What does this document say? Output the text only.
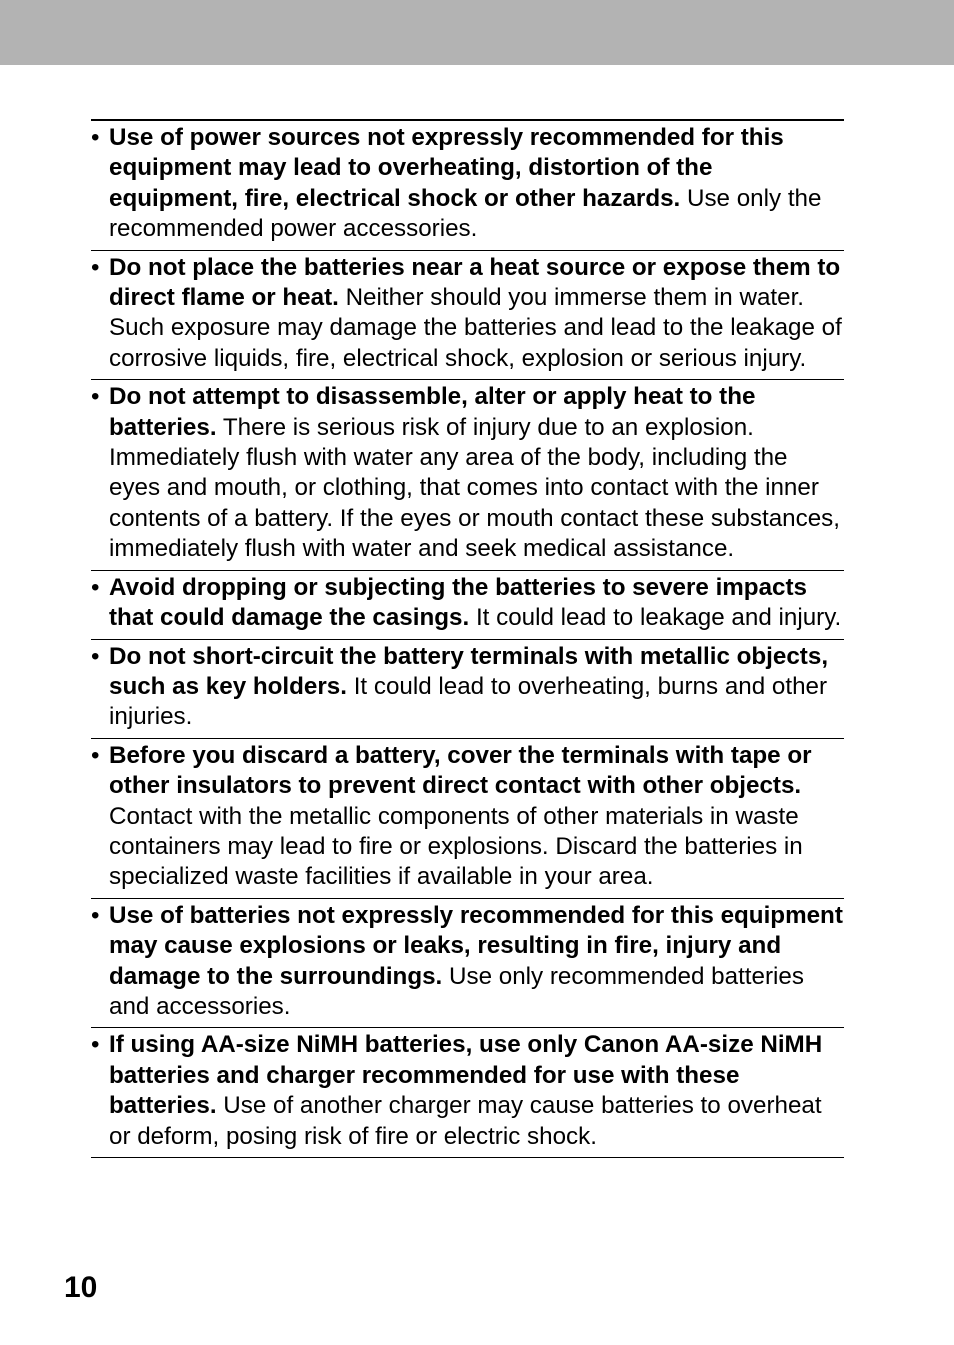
• Use of power sources not expressly recommended for this equipment may lead to overheating, distortion of the equipment, fire, electrical shock or other hazards. Use only the recommended power accessories.
• Do not place the batteries near a heat source or expose them to direct flame or heat. Neither should you immerse them in water. Such exposure may damage the batteries and lead to the leakage of corrosive liquids, fire, electrical shock, explosion or serious injury.
• Do not attempt to disassemble, alter or apply heat to the batteries. There is serious risk of injury due to an explosion. Immediately flush with water any area of the body, including the eyes and mouth, or clothing, that comes into contact with the inner contents of a battery. If the eyes or mouth contact these substances, immediately flush with water and seek medical assistance.
• Avoid dropping or subjecting the batteries to severe impacts that could damage the casings. It could lead to leakage and injury.
• Do not short-circuit the battery terminals with metallic objects, such as key holders. It could lead to overheating, burns and other injuries.
• Before you discard a battery, cover the terminals with tape or other insulators to prevent direct contact with other objects. Contact with the metallic components of other materials in waste containers may lead to fire or explosions. Discard the batteries in specialized waste facilities if available in your area.
• Use of batteries not expressly recommended for this equipment may cause explosions or leaks, resulting in fire, injury and damage to the surroundings. Use only recommended batteries and accessories.
• If using AA-size NiMH batteries, use only Canon AA-size NiMH batteries and charger recommended for use with these batteries. Use of another charger may cause batteries to overheat or deform, posing risk of fire or electric shock.
10
